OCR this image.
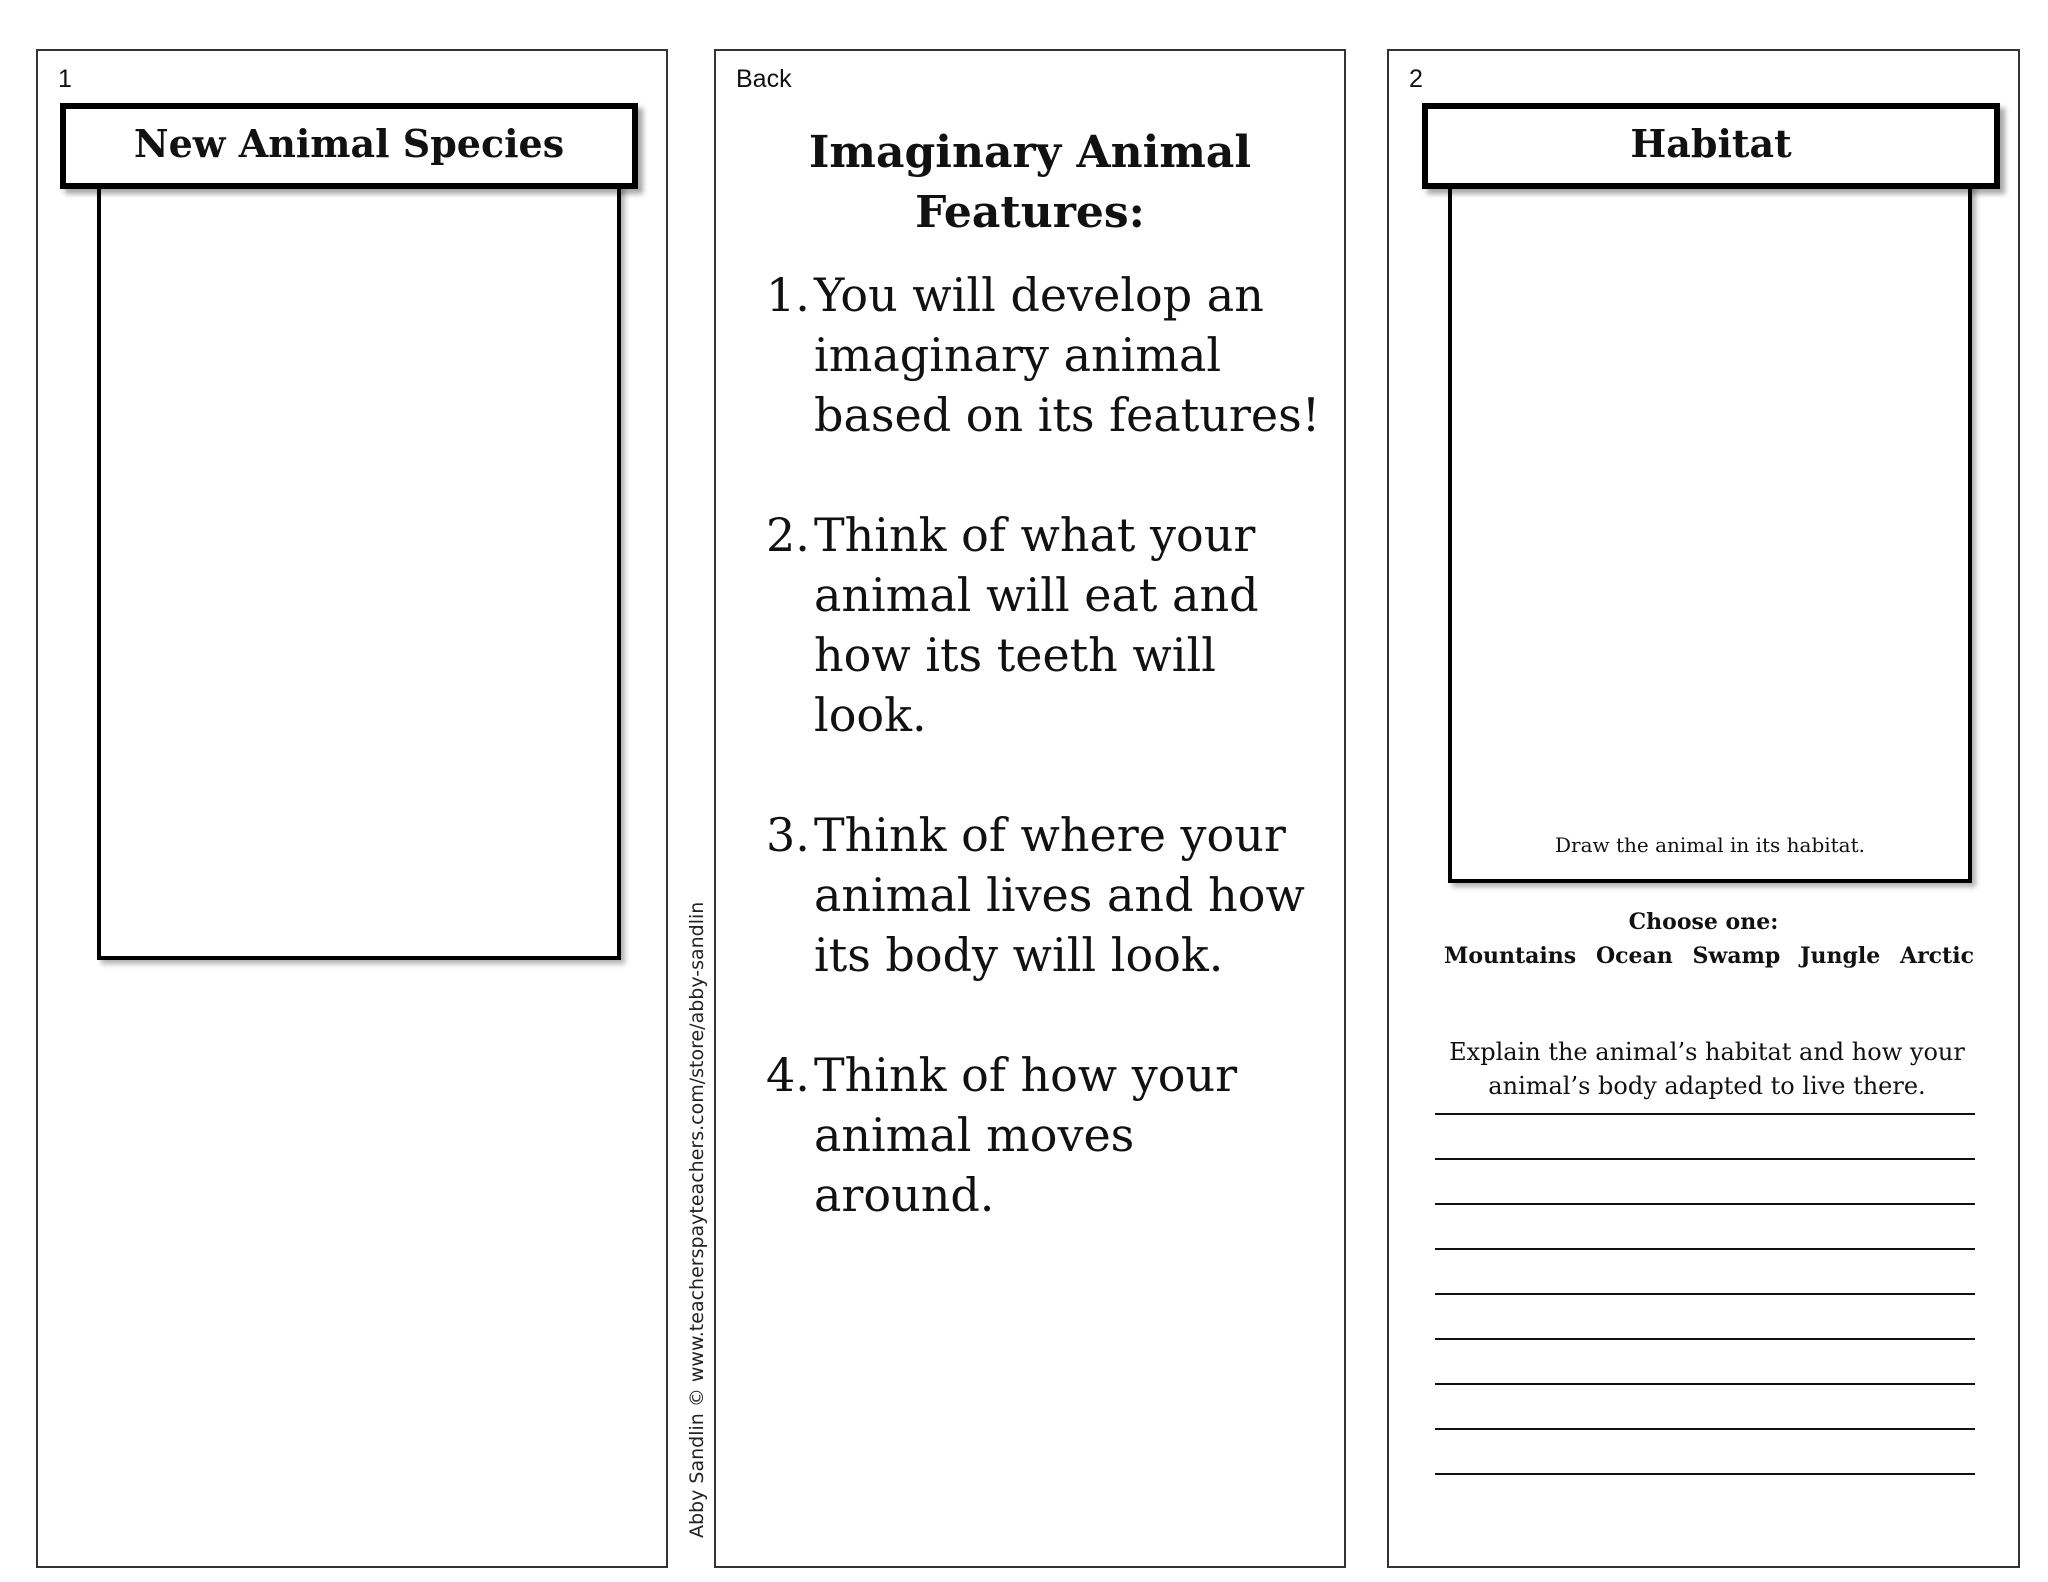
1
New Animal Species
Back
Imaginary Animal
Features:
1. You will develop an imaginary animal based on its features!
2. Think of what your animal will eat and how its teeth will look.
3. Think of where your animal lives and how its body will look.
4. Think of how your animal moves around.
Abby Sandlin © www.teacherspayteachers.com/store/abby-sandlin
2
Habitat
Draw the animal in its habitat.
Choose one:
Mountains Ocean Swamp Jungle Arctic
Explain the animal’s habitat and how your
animal’s body adapted to live there.
